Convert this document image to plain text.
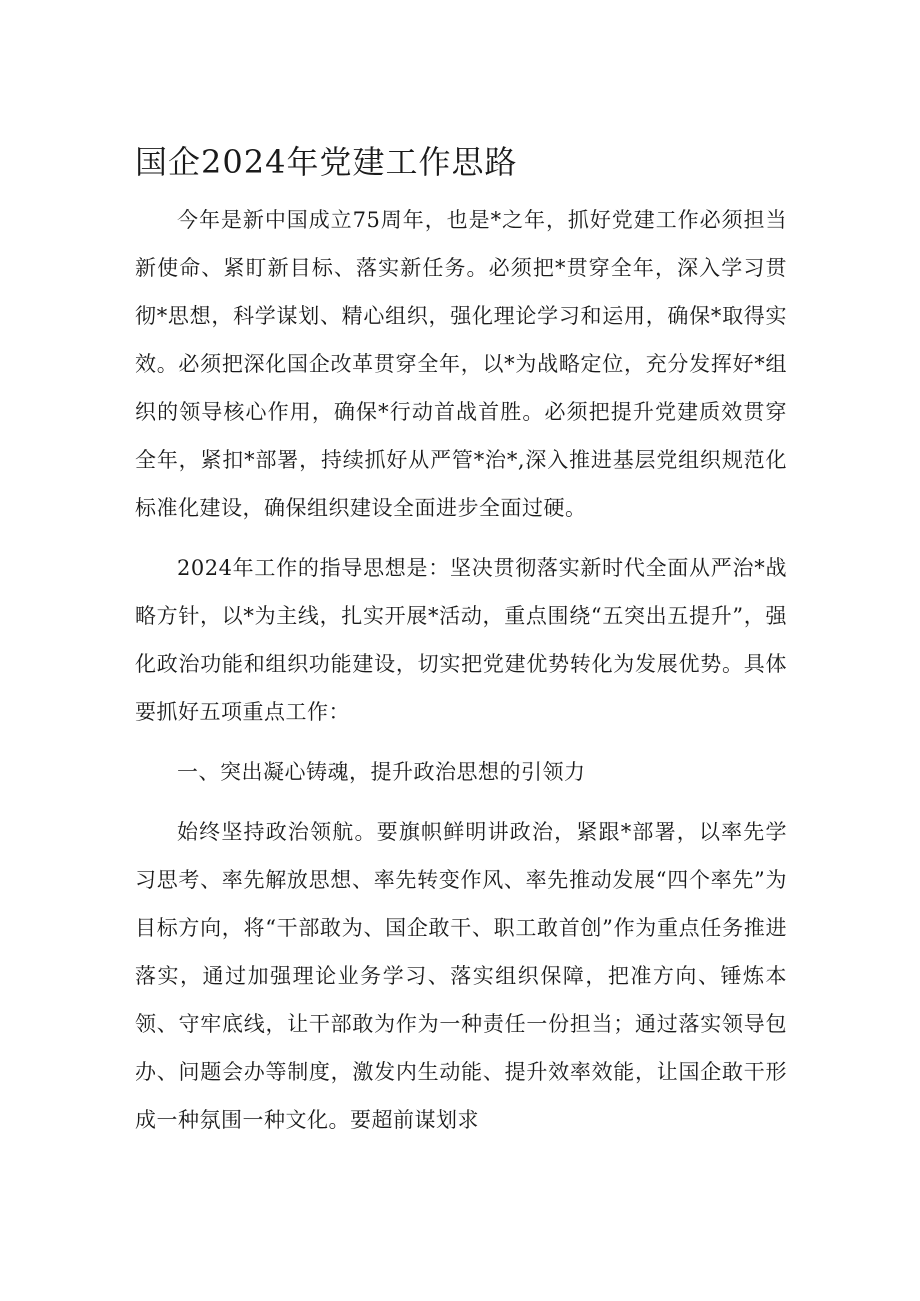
国企2024年党建工作思路

今年是新中国成立75周年，也是*之年，抓好党建工作必须担当新使命、紧盯新目标、落实新任务。必须把*贯穿全年，深入学习贯彻*思想，科学谋划、精心组织，强化理论学习和运用，确保*取得实效。必须把深化国企改革贯穿全年，以*为战略定位，充分发挥好*组织的领导核心作用，确保*行动首战首胜。必须把提升党建质效贯穿全年，紧扣*部署，持续抓好从严管*治*,深入推进基层党组织规范化标准化建设，确保组织建设全面进步全面过硬。

2024年工作的指导思想是：坚决贯彻落实新时代全面从严治*战略方针，以*为主线，扎实开展*活动，重点围绕“五突出五提升”，强化政治功能和组织功能建设，切实把党建优势转化为发展优势。具体要抓好五项重点工作：

一、突出凝心铸魂，提升政治思想的引领力

始终坚持政治领航。要旗帜鲜明讲政治，紧跟*部署，以率先学习思考、率先解放思想、率先转变作风、率先推动发展“四个率先”为目标方向，将“干部敢为、国企敢干、职工敢首创”作为重点任务推进落实，通过加强理论业务学习、落实组织保障，把准方向、锤炼本领、守牢底线，让干部敢为作为一种责任一份担当；通过落实领导包办、问题会办等制度，激发内生动能、提升效率效能，让国企敢干形成一种氛围一种文化。要超前谋划求
